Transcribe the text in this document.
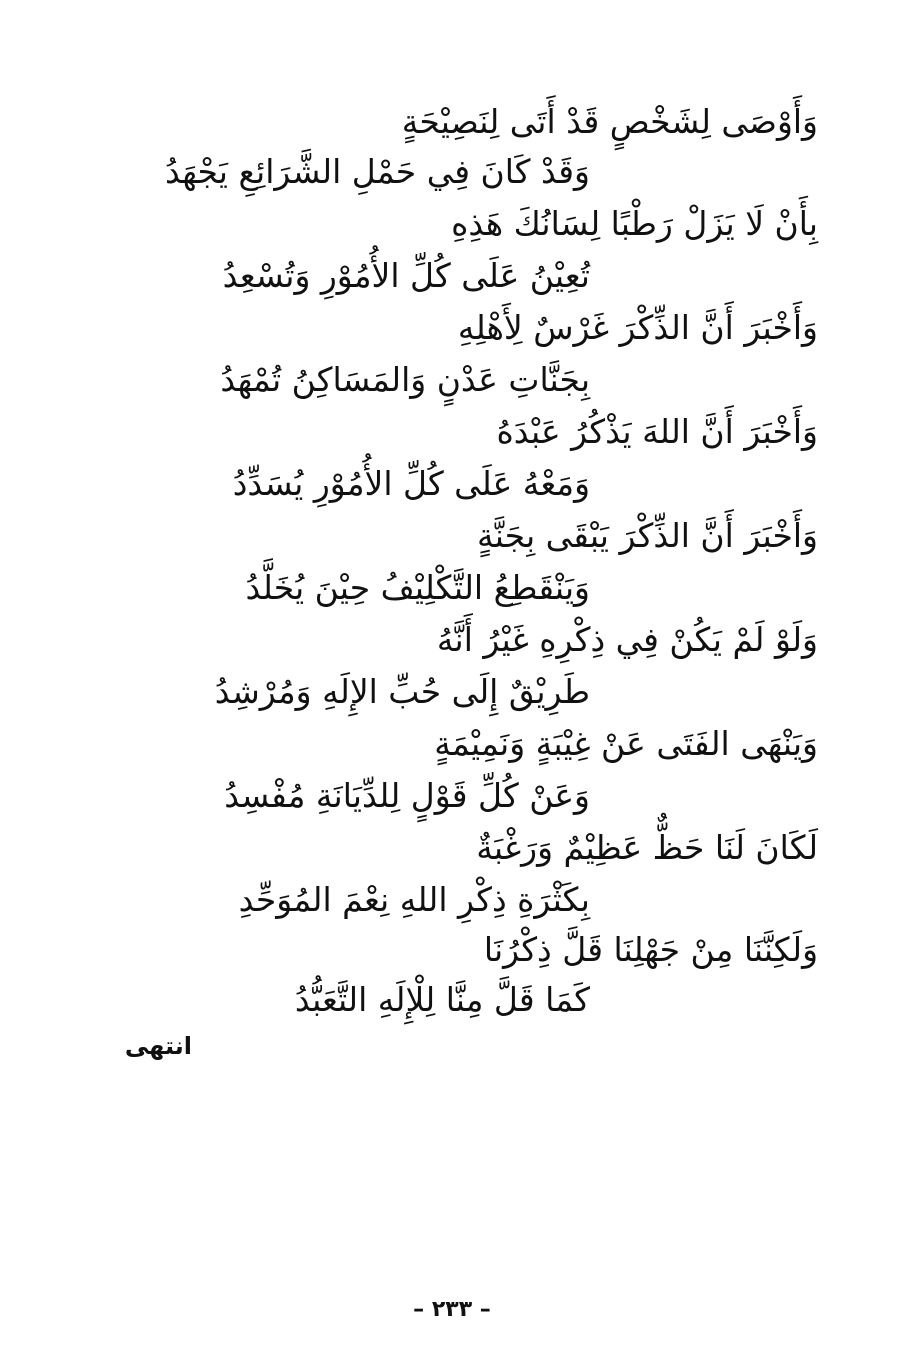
وَأَوْصَى لِشَخْصٍ قَدْ أَتَى لِنَصِيْحَةٍ
وَقَدْ كَانَ فِي حَمْلِ الشَّرَائِعِ يَجْهَدُ
بِأَنْ لَا يَزَلْ رَطْبًا لِسَانُكَ هَذِهِ
تُعِيْنُ عَلَى كُلِّ الأُمُوْرِ وَتُسْعِدُ
وَأَخْبَرَ أَنَّ الذِّكْرَ غَرْسٌ لِأَهْلِهِ
بِجَنَّاتِ عَدْنٍ وَالمَسَاكِنُ تُمْهَدُ
وَأَخْبَرَ أَنَّ اللهَ يَذْكُرُ عَبْدَهُ
وَمَعْهُ عَلَى كُلِّ الأُمُوْرِ يُسَدِّدُ
وَأَخْبَرَ أَنَّ الذِّكْرَ يَبْقَى بِجَنَّةٍ
وَيَنْقَطِعُ التَّكْلِيْفُ حِيْنَ يُخَلَّدُ
وَلَوْ لَمْ يَكُنْ فِي ذِكْرِهِ غَيْرُ أَنَّهُ
طَرِيْقٌ إِلَى حُبِّ الإِلَهِ وَمُرْشِدُ
وَيَنْهَى الفَتَى عَنْ غِيْبَةٍ وَنَمِيْمَةٍ
وَعَنْ كُلِّ قَوْلٍ لِلدِّيَانَةِ مُفْسِدُ
لَكَانَ لَنَا حَظٌّ عَظِيْمٌ وَرَغْبَةٌ
بِكَثْرَةِ ذِكْرِ اللهِ نِعْمَ المُوَحِّدِ
وَلَكِنَّنَا مِنْ جَهْلِنَا قَلَّ ذِكْرُنَا
كَمَا قَلَّ مِنَّا لِلْإِلَهِ التَّعَبُّدُ
انتهى
– ٢٣٣ –
